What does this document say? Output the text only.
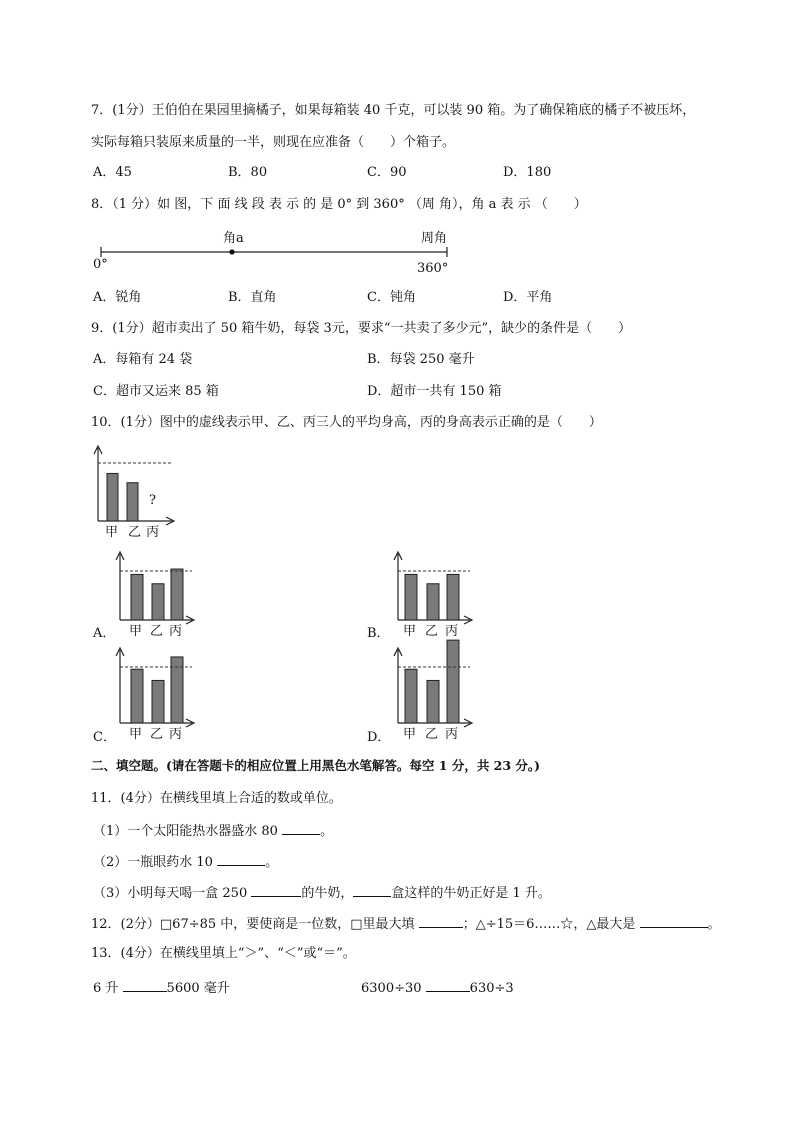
7．(1分）王伯伯在果园里摘橘子，如果每箱装 40 千克，可以装 90 箱。为了确保箱底的橘子不被压坏，
实际每箱只装原来质量的一半，则现在应准备（　　）个箱子。
A．45	B．80	C．90	D．180
8．（1 分）如 图，下 面 线 段 表 示 的 是 0° 到 360° （周 角），角 a 表 示 （　　）
角a	周角
0°	360°
A．锐角	B．直角	C．钝角	D．平角
9．(1分）超市卖出了 50 箱牛奶，每袋 3元，要求“一共卖了多少元”，缺少的条件是（　　）
A．每箱有 24 袋	B．每袋 250 毫升
C．超市又运来 85 箱	D．超市一共有 150 箱
10．(1分）图中的虚线表示甲、乙、丙三人的平均身高，丙的身高表示正确的是（　　）
?
甲 乙 丙
A． 甲 乙 丙	B． 甲 乙 丙
C． 甲 乙 丙	D． 甲 乙 丙
二、填空题。(请在答题卡的相应位置上用黑色水笔解答。每空 1 分，共 23 分。)
11．(4分）在横线里填上合适的数或单位。
（1）一个太阳能热水器盛水 80	。
（2）一瓶眼药水 10	。
（3）小明每天喝一盒 250	的牛奶，	盒这样的牛奶正好是 1 升。
12．(2分）□67÷85 中，要使商是一位数，□里最大填	；△÷15＝6……☆，△最大是	。
13．(4分）在横线里填上“＞”、“＜”或“＝”。
6 升	5600 毫升	6300÷30	630÷3
